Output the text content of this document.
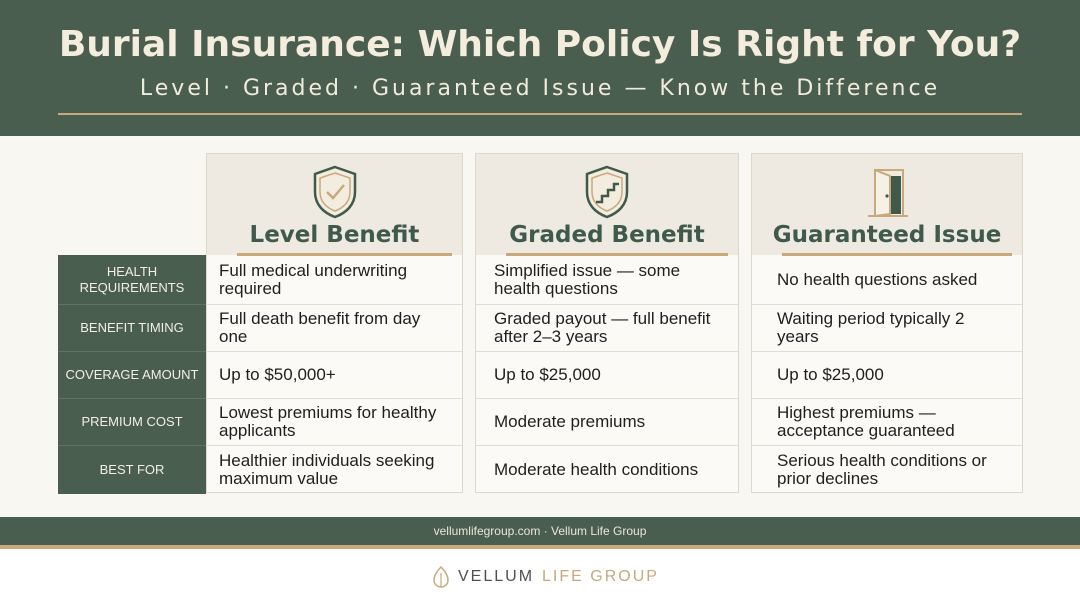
Burial Insurance: Which Policy Is Right for You?
Level · Graded · Guaranteed Issue — Know the Difference
HEALTH REQUIREMENTS
BENEFIT TIMING
COVERAGE AMOUNT
PREMIUM COST
BEST FOR
Level Benefit
Full medical underwriting required
Full death benefit from day one
Up to $50,000+
Lowest premiums for healthy applicants
Healthier individuals seeking maximum value
Graded Benefit
Simplified issue — some health questions
Graded payout — full benefit after 2–3 years
Up to $25,000
Moderate premiums
Moderate health conditions
Guaranteed Issue
No health questions asked
Waiting period typically 2 years
Up to $25,000
Highest premiums — acceptance guaranteed
Serious health conditions or prior declines
vellumlifegroup.com · Vellum Life Group
VELLUM LIFE GROUP
